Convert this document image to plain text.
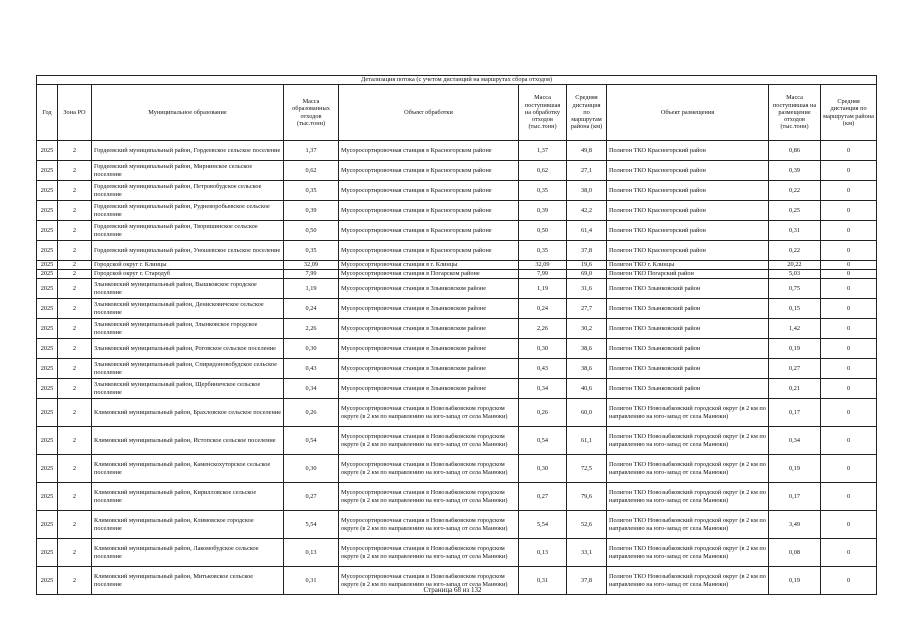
Детализация потока (с учетом дистанций на маршрутах сбора отходов)									
Год	Зона РО	Муниципальное образование	Масса образованных отходов (тыс.тонн)	Объект обработки	Масса поступившая на обработку отходов (тыс.тонн)	Средняя дистанция по маршрутам района (км)	Объект размещения	Масса поступившая на размещение отходов (тыс.тонн)	Средняя дистанция по маршрутам района (км)
2025	2	Гордеевский муниципальный район, Гордеевское сельское поселение	1,37	Мусоросортировочная станция в Красногорском районе	1,37	49,8	Полигон ТКО Красногорский район	0,86	0
2025	2	Гордеевский муниципальный район, Мирнинское сельское поселение	0,62	Мусоросортировочная станция в Красногорском районе	0,62	27,1	Полигон ТКО Красногорский район	0,39	0
2025	2	Гордеевский муниципальный район, Петровобудское сельское поселение	0,35	Мусоросортировочная станция в Красногорском районе	0,35	38,0	Полигон ТКО Красногорский район	0,22	0
2025	2	Гордеевский муниципальный район, Рудневоробьевское сельское поселение	0,39	Мусоросортировочная станция в Красногорском районе	0,39	42,2	Полигон ТКО Красногорский район	0,25	0
2025	2	Гордеевский муниципальный район, Творишинское сельское поселение	0,50	Мусоросортировочная станция в Красногорском районе	0,50	61,4	Полигон ТКО Красногорский район	0,31	0
2025	2	Гордеевский муниципальный район, Уношевское сельское поселение	0,35	Мусоросортировочная станция в Красногорском районе	0,35	37,8	Полигон ТКО Красногорский район	0,22	0
2025	2	Городской округ г. Клинцы	32,09	Мусоросортировочная станция в г. Клинцы	32,09	19,6	Полигон ТКО г. Клинцы	20,22	0
2025	2	Городской округ г. Стародуб	7,99	Мусоросортировочная станция в Погарском районе	7,99	69,0	Полигон ТКО Погарский район	5,03	0
2025	2	Злынковский муниципальный район, Вышковское городское поселение	1,19	Мусоросортировочная станция в Злынковском районе	1,19	31,6	Полигон ТКО Злынковский район	0,75	0
2025	2	Злынковский муниципальный район, Денисковичское сельское поселение	0,24	Мусоросортировочная станция в Злынковском районе	0,24	27,7	Полигон ТКО Злынковский район	0,15	0
2025	2	Злынковский муниципальный район, Злынковское городское поселение	2,26	Мусоросортировочная станция в Злынковском районе	2,26	30,2	Полигон ТКО Злынковский район	1,42	0
2025	2	Злынковский муниципальный район, Роговское сельское поселение	0,30	Мусоросортировочная станция в Злынковском районе	0,30	38,6	Полигон ТКО Злынковский район	0,19	0
2025	2	Злынковский муниципальный район, Спиридоновобудское сельское поселение	0,43	Мусоросортировочная станция в Злынковском районе	0,43	38,6	Полигон ТКО Злынковский район	0,27	0
2025	2	Злынковский муниципальный район, Щербиничское сельское поселение	0,34	Мусоросортировочная станция в Злынковском районе	0,34	40,6	Полигон ТКО Злынковский район	0,21	0
2025	2	Климовский муниципальный район, Брахловское сельское поселение	0,26	Мусоросортировочная станция в Новозыбковском городском округе (в 2 км по направлению на юго-запад от села Манюки)	0,26	60,0	Полигон ТКО Новозыбковский городской округ (в 2 км по направлению на юго-запад от села Манюки)	0,17	0
2025	2	Климовский муниципальный район, Истопское сельское поселение	0,54	Мусоросортировочная станция в Новозыбковском городском округе (в 2 км по направлению на юго-запад от села Манюки)	0,54	61,1	Полигон ТКО Новозыбковский городской округ (в 2 км по направлению на юго-запад от села Манюки)	0,34	0
2025	2	Климовский муниципальный район, Каменскохуторское сельское поселение	0,30	Мусоросортировочная станция в Новозыбковском городском округе (в 2 км по направлению на юго-запад от села Манюки)	0,30	72,5	Полигон ТКО Новозыбковский городской округ (в 2 км по направлению на юго-запад от села Манюки)	0,19	0
2025	2	Климовский муниципальный район, Кирилловское сельское поселение	0,27	Мусоросортировочная станция в Новозыбковском городском округе (в 2 км по направлению на юго-запад от села Манюки)	0,27	79,6	Полигон ТКО Новозыбковский городской округ (в 2 км по направлению на юго-запад от села Манюки)	0,17	0
2025	2	Климовский муниципальный район, Климовское городское поселение	5,54	Мусоросортировочная станция в Новозыбковском городском округе (в 2 км по направлению на юго-запад от села Манюки)	5,54	52,6	Полигон ТКО Новозыбковский городской округ (в 2 км по направлению на юго-запад от села Манюки)	3,49	0
2025	2	Климовский муниципальный район, Лакомобудское сельское поселение	0,13	Мусоросортировочная станция в Новозыбковском городском округе (в 2 км по направлению на юго-запад от села Манюки)	0,13	33,1	Полигон ТКО Новозыбковский городской округ (в 2 км по направлению на юго-запад от села Манюки)	0,08	0
2025	2	Климовский муниципальный район, Митьковское сельское поселение	0,31	Мусоросортировочная станция в Новозыбковском городском округе (в 2 км по направлению на юго-запад от села Манюки)	0,31	37,8	Полигон ТКО Новозыбковский городской округ (в 2 км по направлению на юго-запад от села Манюки)	0,19	0
Страница 68 из 132
